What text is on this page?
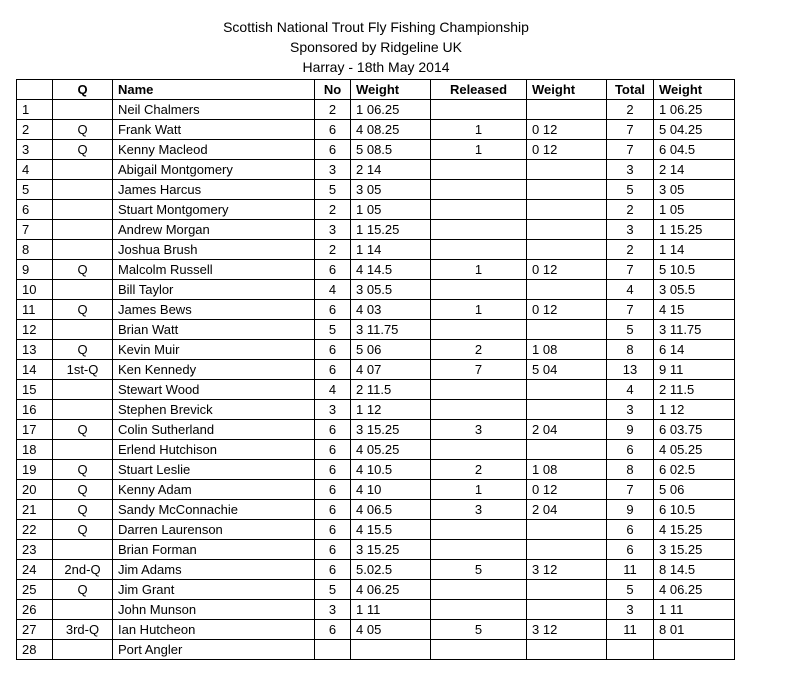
Scottish National Trout Fly Fishing Championship
Sponsored by Ridgeline UK
Harray - 18th May 2014
	Q	Name	No	Weight	Released	Weight	Total	Weight
1		Neil Chalmers	2	1 06.25			2	1 06.25
2	Q	Frank Watt	6	4 08.25	1	0 12	7	5 04.25
3	Q	Kenny Macleod	6	5 08.5	1	0 12	7	6 04.5
4		Abigail Montgomery	3	2 14			3	2 14
5		James Harcus	5	3 05			5	3 05
6		Stuart Montgomery	2	1 05			2	1 05
7		Andrew Morgan	3	1 15.25			3	1 15.25
8		Joshua Brush	2	1 14			2	1 14
9	Q	Malcolm Russell	6	4 14.5	1	0 12	7	5 10.5
10		Bill Taylor	4	3 05.5			4	3 05.5
11	Q	James Bews	6	4 03	1	0 12	7	4 15
12		Brian Watt	5	3 11.75			5	3 11.75
13	Q	Kevin Muir	6	5 06	2	1 08	8	6 14
14	1st-Q	Ken Kennedy	6	4 07	7	5 04	13	9 11
15		Stewart Wood	4	2 11.5			4	2 11.5
16		Stephen Brevick	3	1 12			3	1 12
17	Q	Colin Sutherland	6	3 15.25	3	2 04	9	6 03.75
18		Erlend Hutchison	6	4 05.25			6	4 05.25
19	Q	Stuart Leslie	6	4 10.5	2	1 08	8	6 02.5
20	Q	Kenny Adam	6	4 10	1	0 12	7	5 06
21	Q	Sandy McConnachie	6	4 06.5	3	2 04	9	6 10.5
22	Q	Darren Laurenson	6	4 15.5			6	4 15.25
23		Brian Forman	6	3 15.25			6	3 15.25
24	2nd-Q	Jim Adams	6	5.02.5	5	3 12	11	8 14.5
25	Q	Jim Grant	5	4 06.25			5	4 06.25
26		John Munson	3	1 11			3	1 11
27	3rd-Q	Ian Hutcheon	6	4 05	5	3 12	11	8 01
28		Port Angler						
